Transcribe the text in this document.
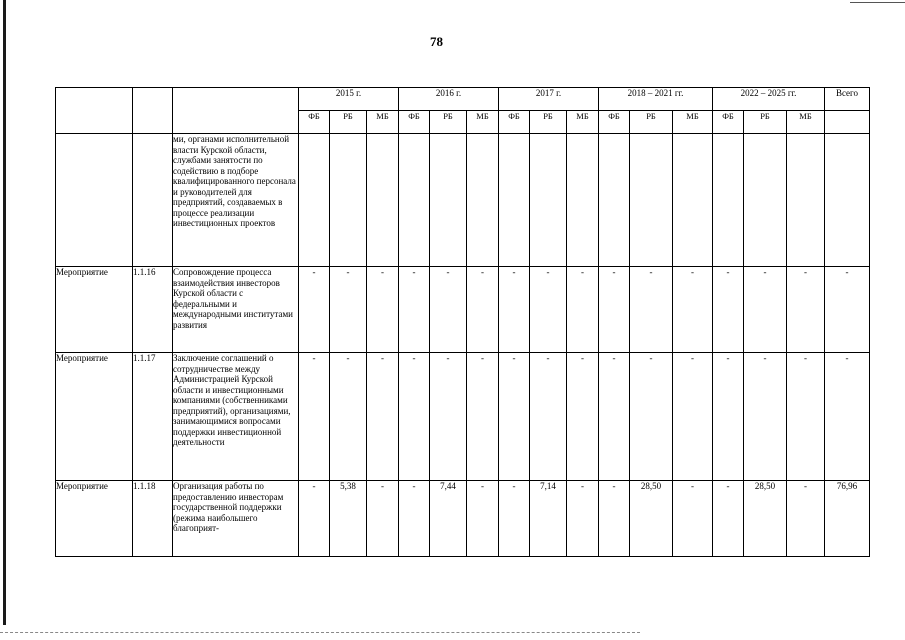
78
			2015 г.			2016 г.			2017 г.			2018 – 2021 гг.			2022 – 2025 гг.			Всего
			ФБ	РБ	МБ	ФБ	РБ	МБ	ФБ	РБ	МБ	ФБ	РБ	МБ	ФБ	РБ	МБ	
		ми, органами исполнительной власти Курской области, службами занятости по содействию в подборе квалифицированного персонала и руководителей для предприятий, создаваемых в процессе реализации инвестиционных проектов																
Мероприятие	1.1.16	Сопровождение процесса взаимодействия инвесторов Курской области с федеральными и международными институтами развития	-	-	-	-	-	-	-	-	-	-	-	-	-	-	-	-
Мероприятие	1.1.17	Заключение соглашений о сотрудничестве между Администрацией Курской области и инвестиционными компаниями (собственниками предприятий), организациями, занимающимися вопросами поддержки инвестиционной деятельности	-	-	-	-	-	-	-	-	-	-	-	-	-	-	-	-
Мероприятие	1.1.18	Организация работы по предоставлению инвесторам государственной поддержки (режима наибольшего благоприят-	-	5,38	-	-	7,44	-	-	7,14	-	-	28,50	-	-	28,50	-	76,96
